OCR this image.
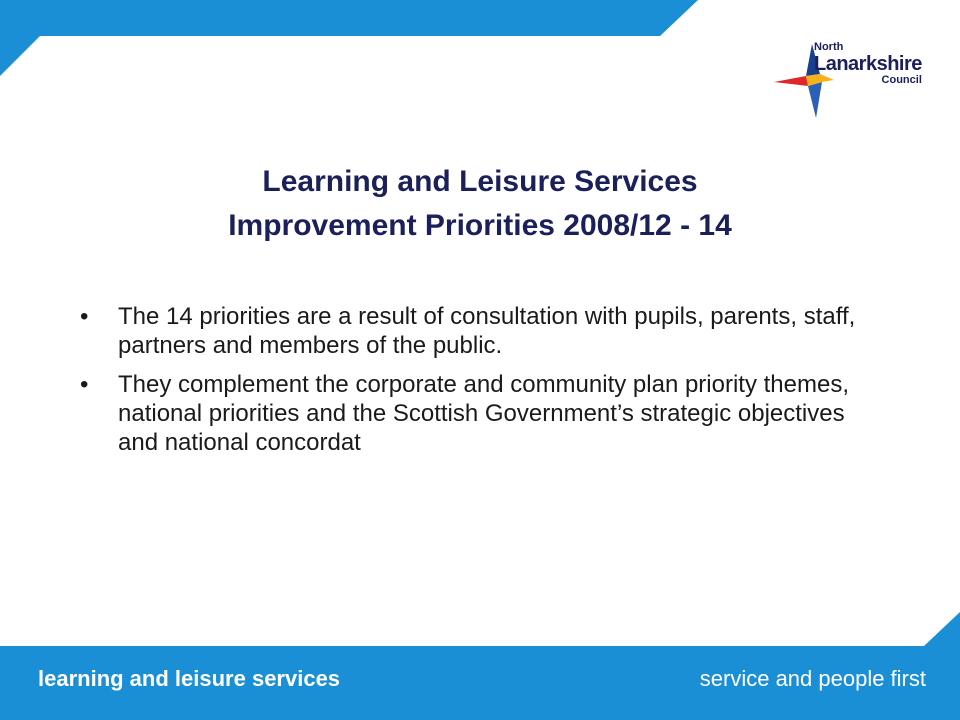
North
Lanarkshire
Council
Learning and Leisure Services
Improvement Priorities 2008/12 - 14
• The 14 priorities are a result of consultation with pupils, parents, staff, partners and members of the public.
• They complement the corporate and community plan priority themes, national priorities and the Scottish Government’s strategic objectives and national concordat
learning and leisure services	service and people first
